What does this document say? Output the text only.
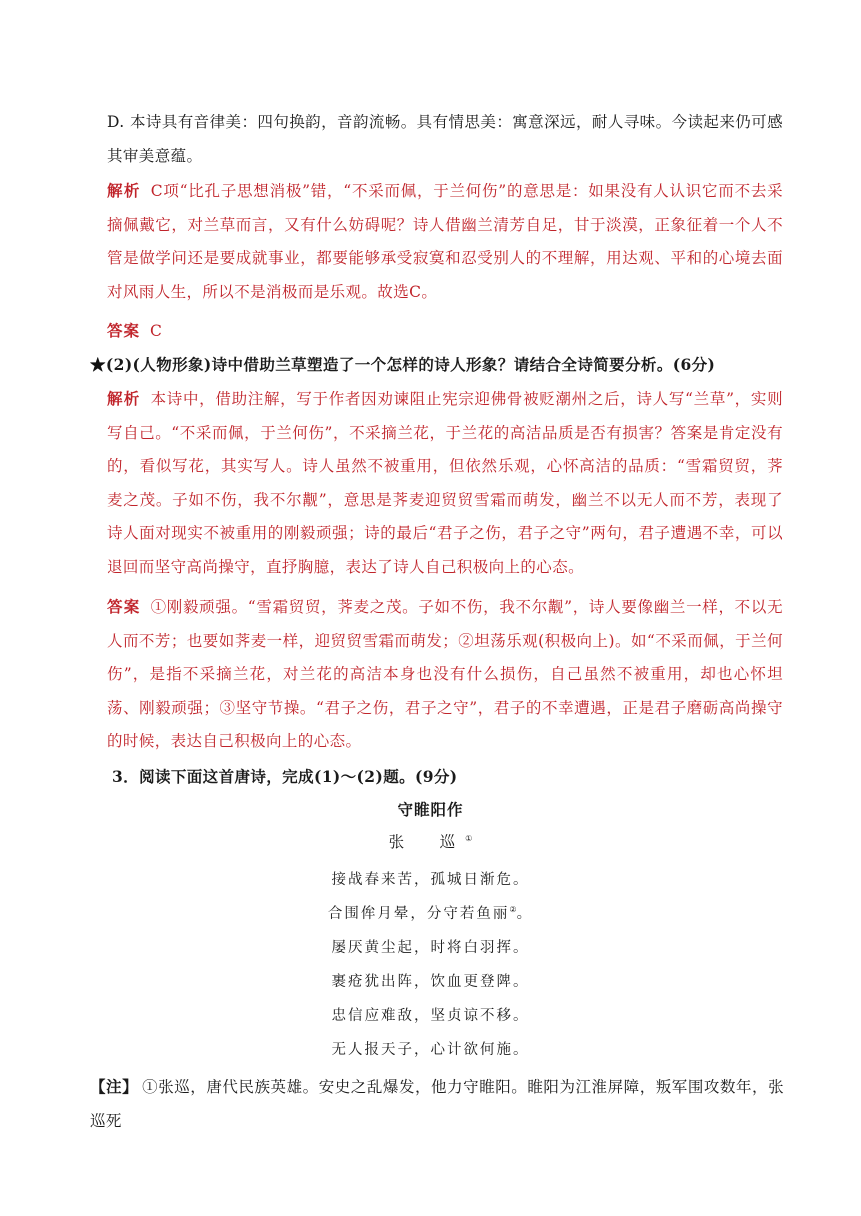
D. 本诗具有音律美：四句换韵，音韵流畅。具有情思美：寓意深远，耐人寻味。今读起来仍可感其审美意蕴。
解析 C项“比孔子思想消极”错，“不采而佩，于兰何伤”的意思是：如果没有人认识它而不去采摘佩戴它，对兰草而言，又有什么妨碍呢？诗人借幽兰清芳自足，甘于淡漠，正象征着一个人不管是做学问还是要成就事业，都要能够承受寂寞和忍受别人的不理解，用达观、平和的心境去面对风雨人生，所以不是消极而是乐观。故选C。
答案 C
★(2)(人物形象)诗中借助兰草塑造了一个怎样的诗人形象？请结合全诗简要分析。(6分)
解析 本诗中，借助注解，写于作者因劝谏阻止宪宗迎佛骨被贬潮州之后，诗人写“兰草”，实则写自己。“不采而佩，于兰何伤”，不采摘兰花，于兰花的高洁品质是否有损害？答案是肯定没有的，看似写花，其实写人。诗人虽然不被重用，但依然乐观，心怀高洁的品质：“雪霜贸贸，荠麦之茂。子如不伤，我不尔觏”，意思是荠麦迎贸贸雪霜而萌发，幽兰不以无人而不芳，表现了诗人面对现实不被重用的刚毅顽强；诗的最后“君子之伤，君子之守”两句，君子遭遇不幸，可以退回而坚守高尚操守，直抒胸臆，表达了诗人自己积极向上的心态。
答案 ①刚毅顽强。“雪霜贸贸，荠麦之茂。子如不伤，我不尔觏”，诗人要像幽兰一样，不以无人而不芳；也要如荠麦一样，迎贸贸雪霜而萌发；②坦荡乐观(积极向上)。如“不采而佩，于兰何伤”，是指不采摘兰花，对兰花的高洁本身也没有什么损伤，自己虽然不被重用，却也心怀坦荡、刚毅顽强；③坚守节操。“君子之伤，君子之守”，君子的不幸遭遇，正是君子磨砺高尚操守的时候，表达自己积极向上的心态。
3．阅读下面这首唐诗，完成(1)～(2)题。(9分)
守睢阳作
张　巡①
接战春来苦，孤城日渐危。
合围侔月晕，分守若鱼丽②。
屡厌黄尘起，时将白羽挥。
裹疮犹出阵，饮血更登陴。
忠信应难敌，坚贞谅不移。
无人报天子，心计欲何施。
【注】 ①张巡，唐代民族英雄。安史之乱爆发，他力守睢阳。睢阳为江淮屏障，叛军围攻数年，张巡死
